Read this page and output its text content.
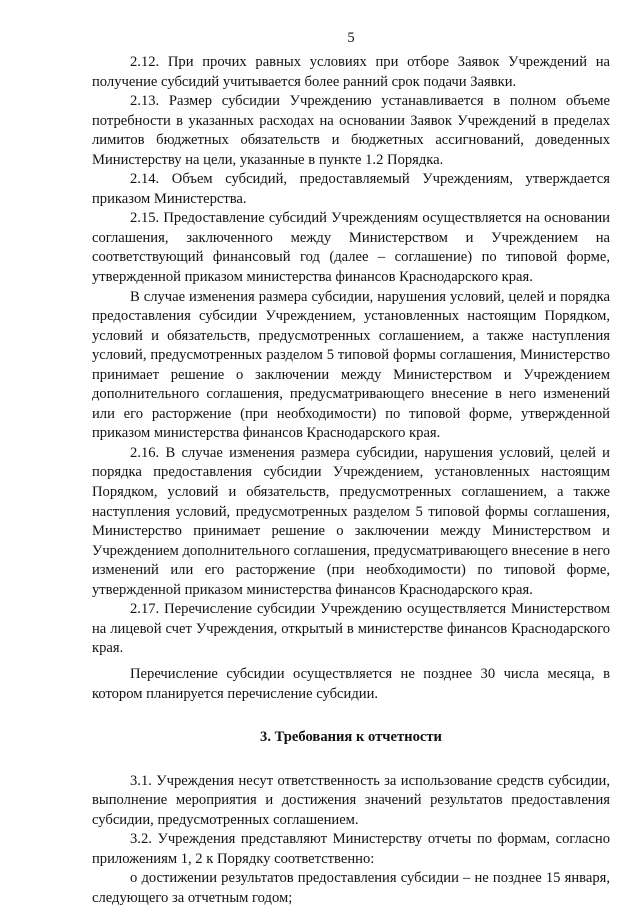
5

2.12. При прочих равных условиях при отборе Заявок Учреждений на получение субсидий учитывается более ранний срок подачи Заявки.

2.13. Размер субсидии Учреждению устанавливается в полном объеме потребности в указанных расходах на основании Заявок Учреждений в пределах лимитов бюджетных обязательств и бюджетных ассигнований, доведенных Министерству на цели, указанные в пункте 1.2 Порядка.

2.14. Объем субсидий, предоставляемый Учреждениям, утверждается приказом Министерства.

2.15. Предоставление субсидий Учреждениям осуществляется на основании соглашения, заключенного между Министерством и Учреждением на соответствующий финансовый год (далее – соглашение) по типовой форме, утвержденной приказом министерства финансов Краснодарского края.

В случае изменения размера субсидии, нарушения условий, целей и порядка предоставления субсидии Учреждением, установленных настоящим Порядком, условий и обязательств, предусмотренных соглашением, а также наступления условий, предусмотренных разделом 5 типовой формы соглашения, Министерство принимает решение о заключении между Министерством и Учреждением дополнительного соглашения, предусматривающего внесение в него изменений или его расторжение (при необходимости) по типовой форме, утвержденной приказом министерства финансов Краснодарского края.

2.16. В случае изменения размера субсидии, нарушения условий, целей и порядка предоставления субсидии Учреждением, установленных настоящим Порядком, условий и обязательств, предусмотренных соглашением, а также наступления условий, предусмотренных разделом 5 типовой формы соглашения, Министерство принимает решение о заключении между Министерством и Учреждением дополнительного соглашения, предусматривающего внесение в него изменений или его расторжение (при необходимости) по типовой форме, утвержденной приказом министерства финансов Краснодарского края.

2.17. Перечисление субсидии Учреждению осуществляется Министерством на лицевой счет Учреждения, открытый в министерстве финансов Краснодарского края.

Перечисление субсидии осуществляется не позднее 30 числа месяца, в котором планируется перечисление субсидии.

3. Требования к отчетности

3.1. Учреждения несут ответственность за использование средств субсидии, выполнение мероприятия и достижения значений результатов предоставления субсидии, предусмотренных соглашением.

3.2. Учреждения представляют Министерству отчеты по формам, согласно приложениям 1, 2 к Порядку соответственно:

о достижении результатов предоставления субсидии – не позднее 15 января, следующего за отчетным годом;
